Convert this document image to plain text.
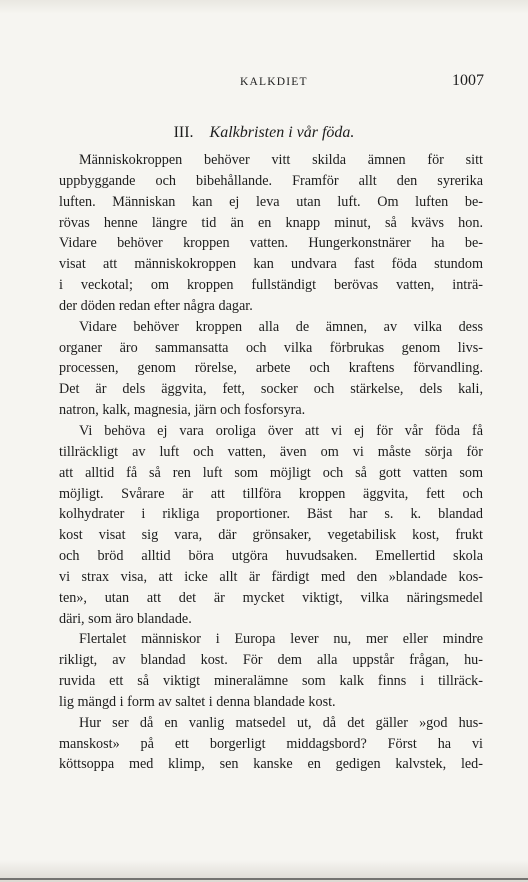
KALKDIET	1007
III. Kalkbristen i vår föda.
Människokroppen behöver vitt skilda ämnen för sitt
uppbyggande och bibehållande. Framför allt den syrerika
luften. Människan kan ej leva utan luft. Om luften be-
rövas henne längre tid än en knapp minut, så kvävs hon.
Vidare behöver kroppen vatten. Hungerkonstnärer ha be-
visat att människokroppen kan undvara fast föda stundom
i veckotal; om kroppen fullständigt berövas vatten, inträ-
der döden redan efter några dagar.
Vidare behöver kroppen alla de ämnen, av vilka dess
organer äro sammansatta och vilka förbrukas genom livs-
processen, genom rörelse, arbete och kraftens förvandling.
Det är dels äggvita, fett, socker och stärkelse, dels kali,
natron, kalk, magnesia, järn och fosforsyra.
Vi behöva ej vara oroliga över att vi ej för vår föda få
tillräckligt av luft och vatten, även om vi måste sörja för
att alltid få så ren luft som möjligt och så gott vatten som
möjligt. Svårare är att tillföra kroppen äggvita, fett och
kolhydrater i rikliga proportioner. Bäst har s. k. blandad
kost visat sig vara, där grönsaker, vegetabilisk kost, frukt
och bröd alltid böra utgöra huvudsaken. Emellertid skola
vi strax visa, att icke allt är färdigt med den »blandade kos-
ten», utan att det är mycket viktigt, vilka näringsmedel
däri, som äro blandade.
Flertalet människor i Europa lever nu, mer eller mindre
rikligt, av blandad kost. För dem alla uppstår frågan, hu-
ruvida ett så viktigt mineralämne som kalk finns i tillräck-
lig mängd i form av saltet i denna blandade kost.
Hur ser då en vanlig matsedel ut, då det gäller »god hus-
manskost» på ett borgerligt middagsbord? Först ha vi
köttsoppa med klimp, sen kanske en gedigen kalvstek, led-
